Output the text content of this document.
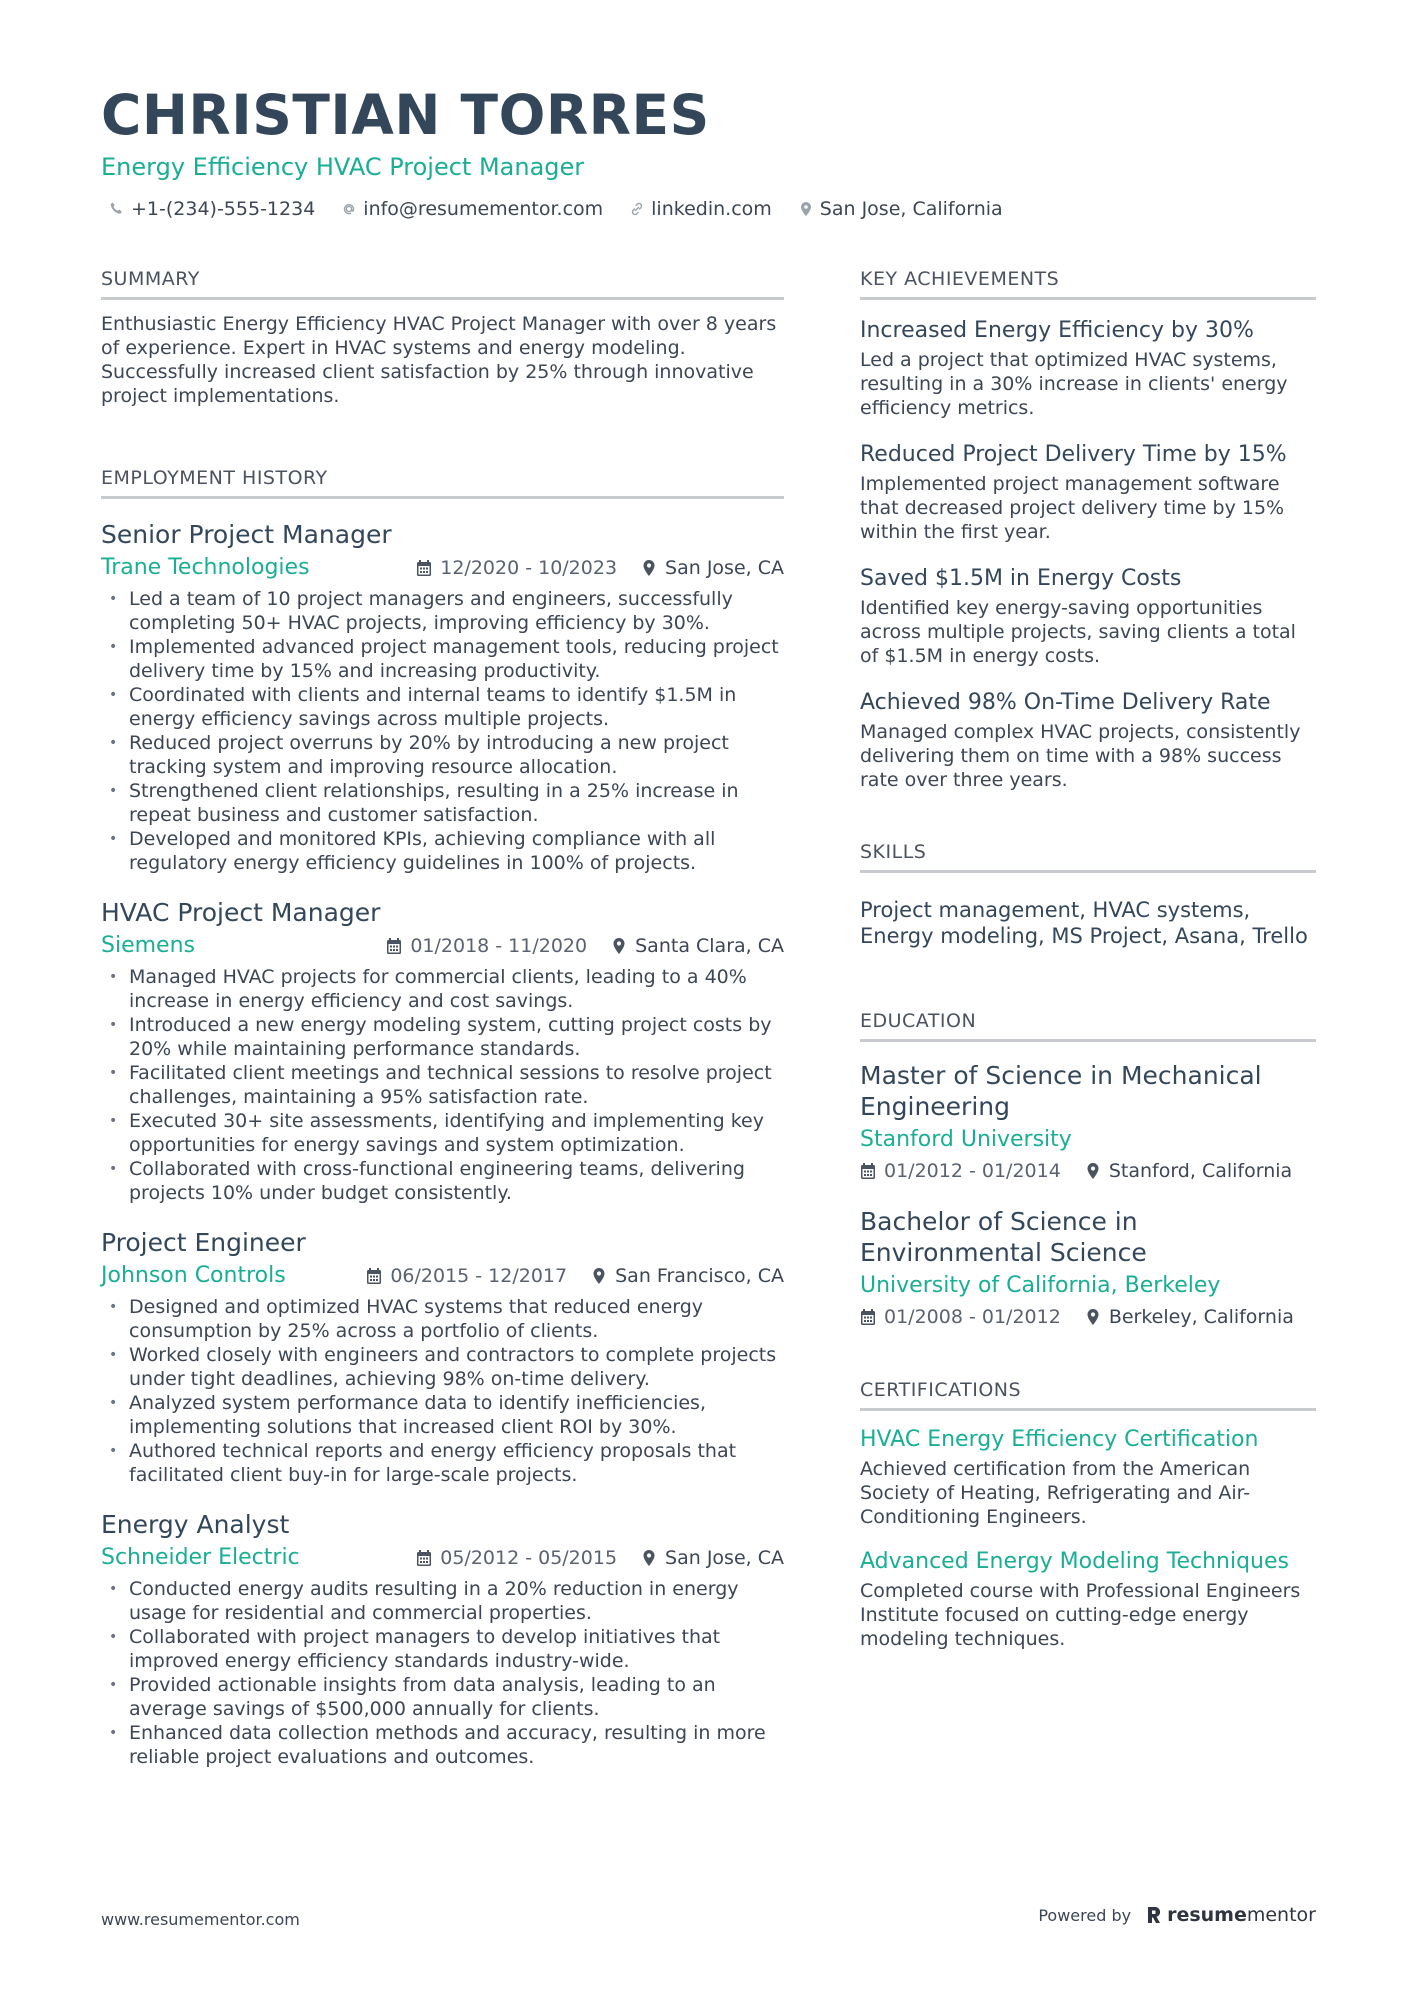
CHRISTIAN TORRES
Energy Efficiency HVAC Project Manager
+1-(234)-555-1234	info@resumementor.com	linkedin.com	San Jose, California
SUMMARY
Enthusiastic Energy Efficiency HVAC Project Manager with over 8 years of experience. Expert in HVAC systems and energy modeling. Successfully increased client satisfaction by 25% through innovative project implementations.
EMPLOYMENT HISTORY
Senior Project Manager
Trane Technologies	12/2020 - 10/2023	San Jose, CA
• Led a team of 10 project managers and engineers, successfully completing 50+ HVAC projects, improving efficiency by 30%.
• Implemented advanced project management tools, reducing project delivery time by 15% and increasing productivity.
• Coordinated with clients and internal teams to identify $1.5M in energy efficiency savings across multiple projects.
• Reduced project overruns by 20% by introducing a new project tracking system and improving resource allocation.
• Strengthened client relationships, resulting in a 25% increase in repeat business and customer satisfaction.
• Developed and monitored KPIs, achieving compliance with all regulatory energy efficiency guidelines in 100% of projects.
HVAC Project Manager
Siemens	01/2018 - 11/2020	Santa Clara, CA
• Managed HVAC projects for commercial clients, leading to a 40% increase in energy efficiency and cost savings.
• Introduced a new energy modeling system, cutting project costs by 20% while maintaining performance standards.
• Facilitated client meetings and technical sessions to resolve project challenges, maintaining a 95% satisfaction rate.
• Executed 30+ site assessments, identifying and implementing key opportunities for energy savings and system optimization.
• Collaborated with cross-functional engineering teams, delivering projects 10% under budget consistently.
Project Engineer
Johnson Controls	06/2015 - 12/2017	San Francisco, CA
• Designed and optimized HVAC systems that reduced energy consumption by 25% across a portfolio of clients.
• Worked closely with engineers and contractors to complete projects under tight deadlines, achieving 98% on-time delivery.
• Analyzed system performance data to identify inefficiencies, implementing solutions that increased client ROI by 30%.
• Authored technical reports and energy efficiency proposals that facilitated client buy-in for large-scale projects.
Energy Analyst
Schneider Electric	05/2012 - 05/2015	San Jose, CA
• Conducted energy audits resulting in a 20% reduction in energy usage for residential and commercial properties.
• Collaborated with project managers to develop initiatives that improved energy efficiency standards industry-wide.
• Provided actionable insights from data analysis, leading to an average savings of $500,000 annually for clients.
• Enhanced data collection methods and accuracy, resulting in more reliable project evaluations and outcomes.
KEY ACHIEVEMENTS
Increased Energy Efficiency by 30%
Led a project that optimized HVAC systems, resulting in a 30% increase in clients' energy efficiency metrics.
Reduced Project Delivery Time by 15%
Implemented project management software that decreased project delivery time by 15% within the first year.
Saved $1.5M in Energy Costs
Identified key energy-saving opportunities across multiple projects, saving clients a total of $1.5M in energy costs.
Achieved 98% On-Time Delivery Rate
Managed complex HVAC projects, consistently delivering them on time with a 98% success rate over three years.
SKILLS
Project management, HVAC systems, Energy modeling, MS Project, Asana, Trello
EDUCATION
Master of Science in Mechanical Engineering
Stanford University
01/2012 - 01/2014	Stanford, California
Bachelor of Science in Environmental Science
University of California, Berkeley
01/2008 - 01/2012	Berkeley, California
CERTIFICATIONS
HVAC Energy Efficiency Certification
Achieved certification from the American Society of Heating, Refrigerating and Air-Conditioning Engineers.
Advanced Energy Modeling Techniques
Completed course with Professional Engineers Institute focused on cutting-edge energy modeling techniques.
www.resumementor.com	Powered by resumementor
